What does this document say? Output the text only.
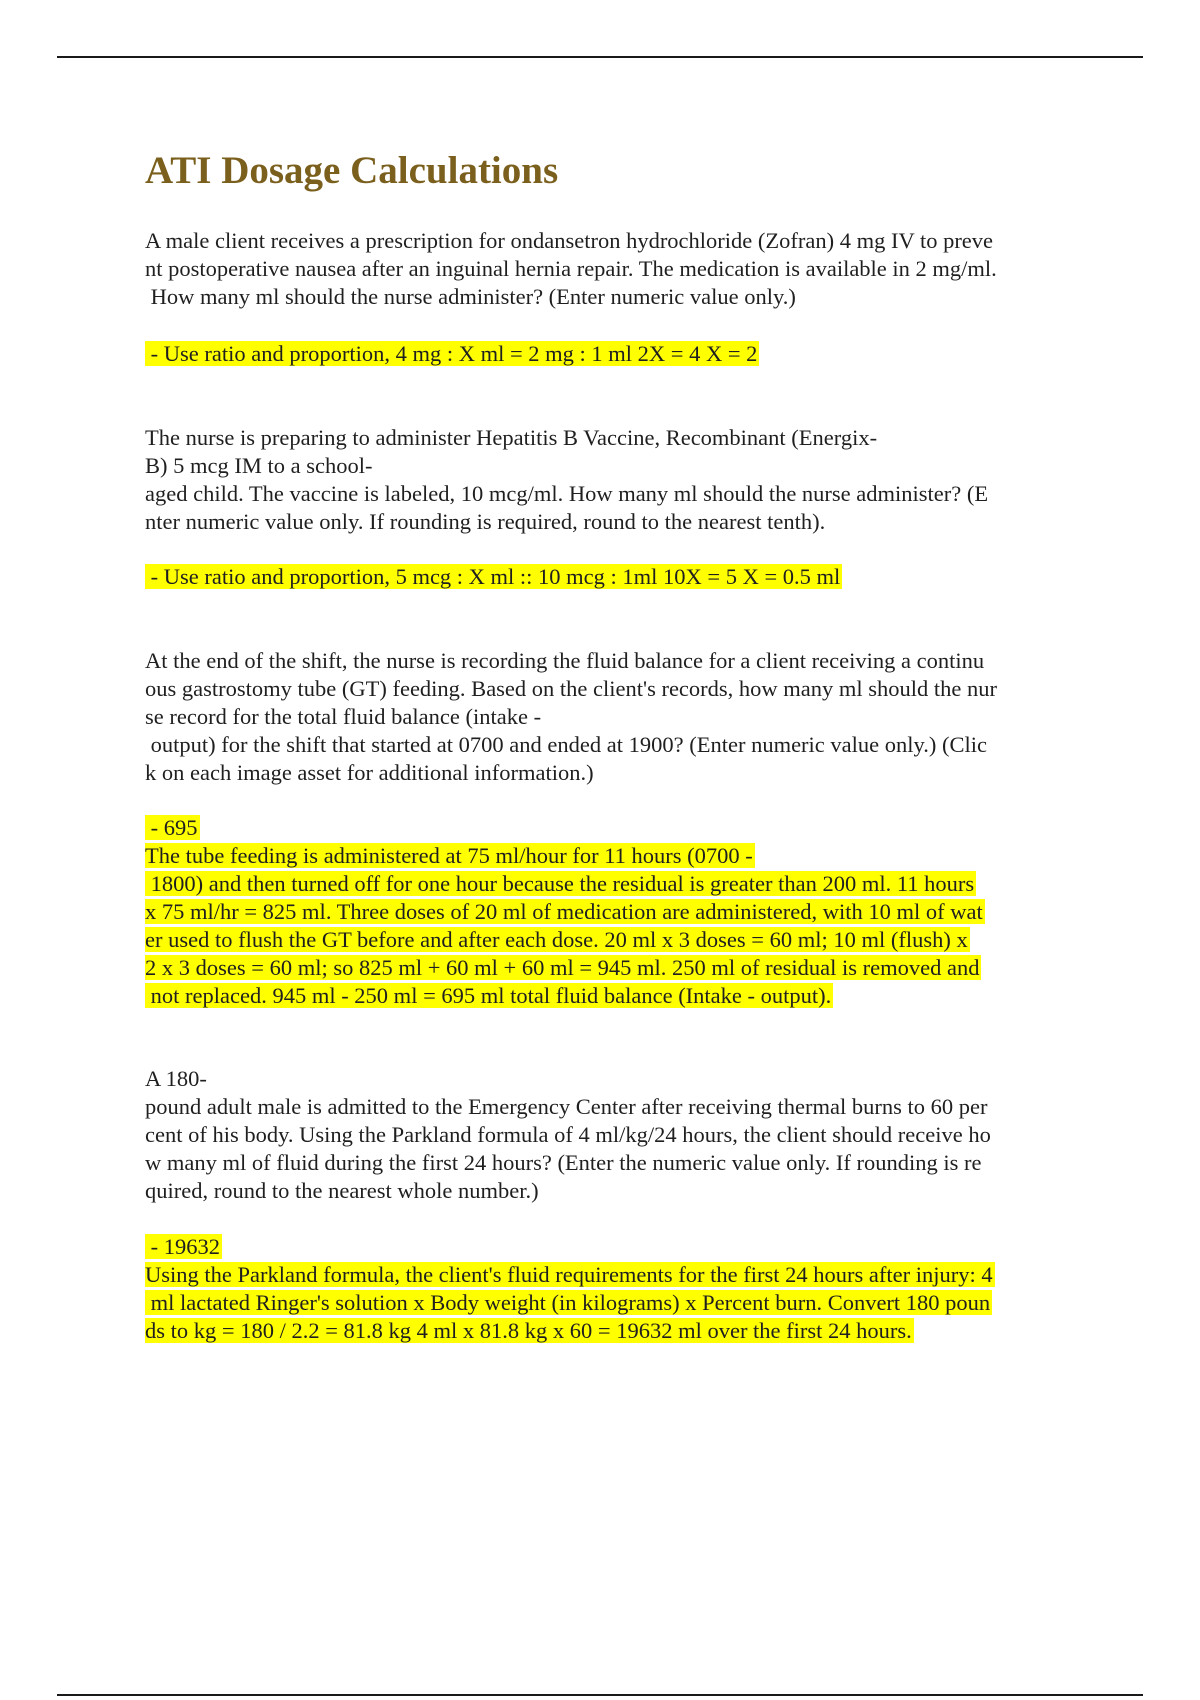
ATI Dosage Calculations
A male client receives a prescription for ondansetron hydrochloride (Zofran) 4 mg IV to preve
nt postoperative nausea after an inguinal hernia repair. The medication is available in 2 mg/ml.
How many ml should the nurse administer? (Enter numeric value only.)
- Use ratio and proportion, 4 mg : X ml = 2 mg : 1 ml 2X = 4 X = 2
The nurse is preparing to administer Hepatitis B Vaccine, Recombinant (Energix-
B) 5 mcg IM to a school-
aged child. The vaccine is labeled, 10 mcg/ml. How many ml should the nurse administer? (E
nter numeric value only. If rounding is required, round to the nearest tenth).
- Use ratio and proportion, 5 mcg : X ml :: 10 mcg : 1ml 10X = 5 X = 0.5 ml
At the end of the shift, the nurse is recording the fluid balance for a client receiving a continu
ous gastrostomy tube (GT) feeding. Based on the client's records, how many ml should the nur
se record for the total fluid balance (intake -
output) for the shift that started at 0700 and ended at 1900? (Enter numeric value only.) (Clic
k on each image asset for additional information.)
- 695
The tube feeding is administered at 75 ml/hour for 11 hours (0700 -
1800) and then turned off for one hour because the residual is greater than 200 ml. 11 hours
x 75 ml/hr = 825 ml. Three doses of 20 ml of medication are administered, with 10 ml of wat
er used to flush the GT before and after each dose. 20 ml x 3 doses = 60 ml; 10 ml (flush) x
2 x 3 doses = 60 ml; so 825 ml + 60 ml + 60 ml = 945 ml. 250 ml of residual is removed and
not replaced. 945 ml - 250 ml = 695 ml total fluid balance (Intake - output).
A 180-
pound adult male is admitted to the Emergency Center after receiving thermal burns to 60 per
cent of his body. Using the Parkland formula of 4 ml/kg/24 hours, the client should receive ho
w many ml of fluid during the first 24 hours? (Enter the numeric value only. If rounding is re
quired, round to the nearest whole number.)
- 19632
Using the Parkland formula, the client's fluid requirements for the first 24 hours after injury: 4
ml lactated Ringer's solution x Body weight (in kilograms) x Percent burn. Convert 180 poun
ds to kg = 180 / 2.2 = 81.8 kg 4 ml x 81.8 kg x 60 = 19632 ml over the first 24 hours.
